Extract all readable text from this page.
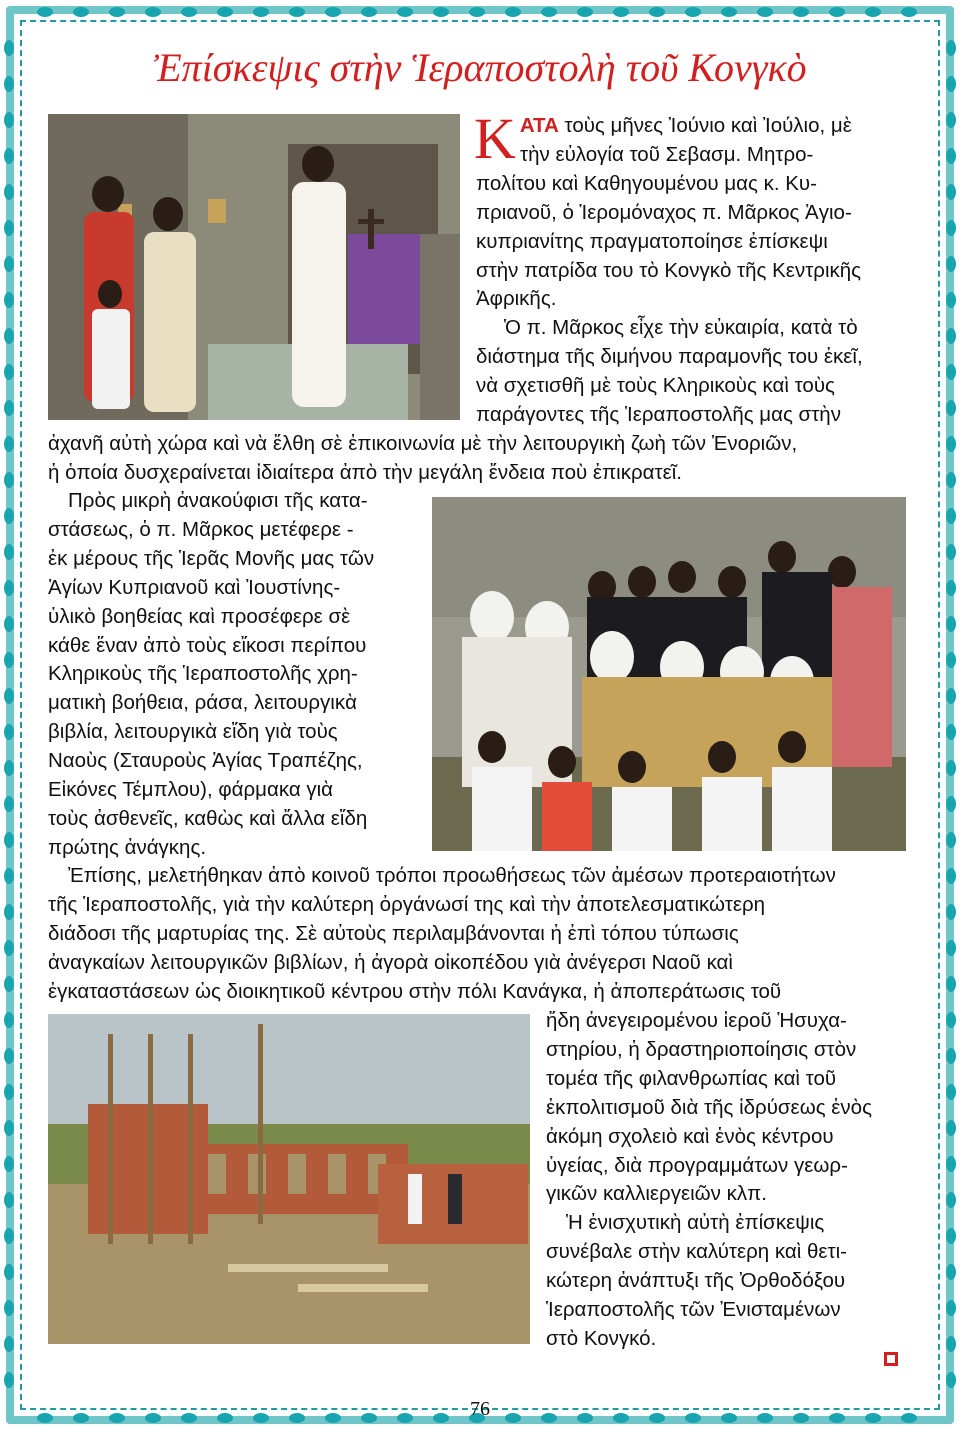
Ἐπίσκεψις στὴν Ἱεραποστολὴ τοῦ Κονγκὸ
ΚΑΤΑ τοὺς μῆνες Ἰούνιο καὶ Ἰούλιο, μὲ
τὴν εὐλογία τοῦ Σεβασμ. Μητρο-
πολίτου καὶ Καθηγουμένου μας κ. Κυ-
πριανοῦ, ὁ Ἱερομόναχος π. Μᾶρκος Ἁγιο-
κυπριανίτης πραγματοποίησε ἐπίσκεψι
στὴν πατρίδα του τὸ Κονγκὸ τῆς Κεντρικῆς
Ἀφρικῆς.
Ὁ π. Μᾶρκος εἶχε τὴν εὐκαιρία, κατὰ τὸ
διάστημα τῆς διμήνου παραμονῆς του ἐκεῖ,
νὰ σχετισθῆ μὲ τοὺς Κληρικοὺς καὶ τοὺς
παράγοντες τῆς Ἱεραποστολῆς μας στὴν
ἀχανῆ αὐτὴ χώρα καὶ νὰ ἔλθη σὲ ἐπικοινωνία μὲ τὴν λειτουργικὴ ζωὴ τῶν Ἐνοριῶν,
ἡ ὁποία δυσχεραίνεται ἰδιαίτερα ἀπὸ τὴν μεγάλη ἔνδεια ποὺ ἐπικρατεῖ.
Πρὸς μικρὴ ἀνακούφισι τῆς κατα-
στάσεως, ὁ π. Μᾶρκος μετέφερε -
ἐκ μέρους τῆς Ἱερᾶς Μονῆς μας τῶν
Ἁγίων Κυπριανοῦ καὶ Ἰουστίνης-
ὑλικὸ βοηθείας καὶ προσέφερε σὲ
κάθε ἕναν ἀπὸ τοὺς εἴκοσι περίπου
Κληρικοὺς τῆς Ἱεραποστολῆς χρη-
ματικὴ βοήθεια, ράσα, λειτουργικὰ
βιβλία, λειτουργικὰ εἴδη γιὰ τοὺς
Ναοὺς (Σταυροὺς Ἁγίας Τραπέζης,
Εἰκόνες Τέμπλου), φάρμακα γιὰ
τοὺς ἀσθενεῖς, καθὼς καὶ ἄλλα εἴδη
πρώτης ἀνάγκης.
Ἐπίσης, μελετήθηκαν ἀπὸ κοινοῦ τρόποι προωθήσεως τῶν ἀμέσων προτεραιοτήτων
τῆς Ἱεραποστολῆς, γιὰ τὴν καλύτερη ὀργάνωσί της καὶ τὴν ἀποτελεσματικώτερη
διάδοσι τῆς μαρτυρίας της. Σὲ αὐτοὺς περιλαμβάνονται ἡ ἐπὶ τόπου τύπωσις
ἀναγκαίων λειτουργικῶν βιβλίων, ἡ ἀγορὰ οἰκοπέδου γιὰ ἀνέγερσι Ναοῦ καὶ
ἐγκαταστάσεων ὡς διοικητικοῦ κέντρου στὴν πόλι Κανάγκα, ἡ ἀποπεράτωσις τοῦ
ἤδη ἀνεγειρομένου ἱεροῦ Ἡσυχα-
στηρίου, ἡ δραστηριοποίησις στὸν
τομέα τῆς φιλανθρωπίας καὶ τοῦ
ἐκπολιτισμοῦ διὰ τῆς ἱδρύσεως ἑνὸς
ἀκόμη σχολειὸ καὶ ἑνὸς κέντρου
ὑγείας, διὰ προγραμμάτων γεωρ-
γικῶν καλλιεργειῶν κλπ.
Ἡ ἐνισχυτικὴ αὐτὴ ἐπίσκεψις
συνέβαλε στὴν καλύτερη καὶ θετι-
κώτερη ἀνάπτυξι τῆς Ὀρθοδόξου
Ἱεραποστολῆς τῶν Ἐνισταμένων
στὸ Κονγκό.
76
